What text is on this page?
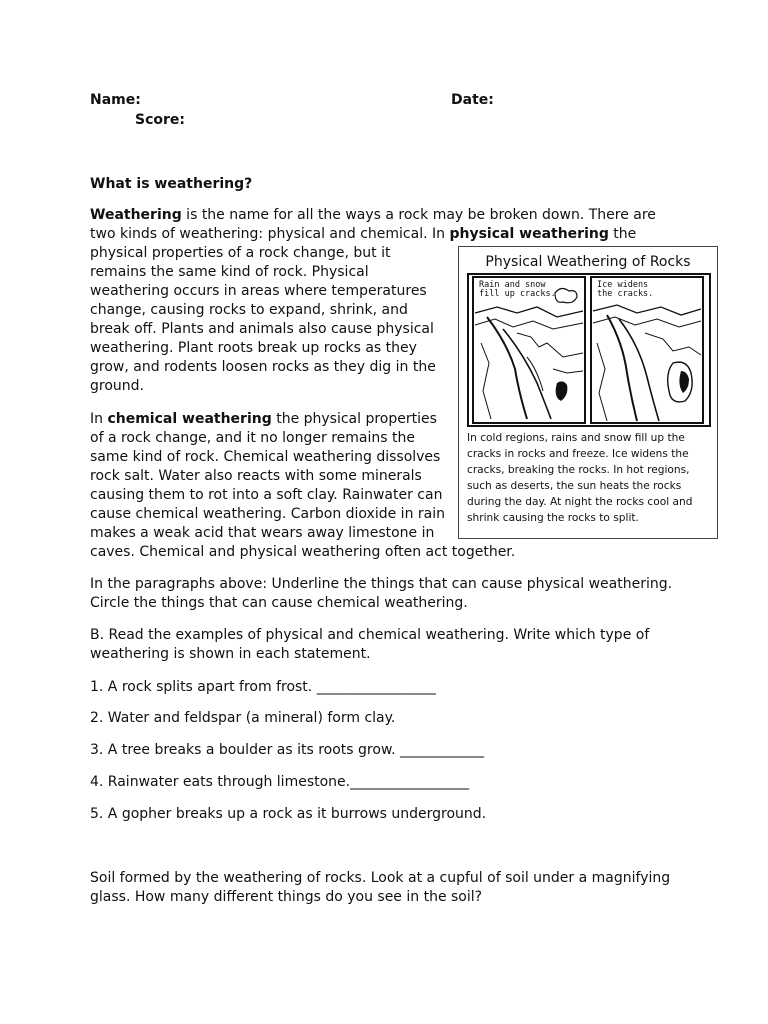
Name:	Date:
Score:
What is weathering?
Weathering is the name for all the ways a rock may be broken down. There are
two kinds of weathering: physical and chemical. In physical weathering the
physical properties of a rock change, but it
remains the same kind of rock. Physical
weathering occurs in areas where temperatures
change, causing rocks to expand, shrink, and
break off. Plants and animals also cause physical
weathering. Plant roots break up rocks as they
grow, and rodents loosen rocks as they dig in the
ground.
In chemical weathering the physical properties
of a rock change, and it no longer remains the
same kind of rock. Chemical weathering dissolves
rock salt. Water also reacts with some minerals
causing them to rot into a soft clay. Rainwater can
cause chemical weathering. Carbon dioxide in rain
makes a weak acid that wears away limestone in
caves. Chemical and physical weathering often act together.
Physical Weathering of Rocks
Rain and snow
fill up cracks.
Ice widens
the cracks.
In cold regions, rains and snow fill up the
cracks in rocks and freeze. Ice widens the
cracks, breaking the rocks. In hot regions,
such as deserts, the sun heats the rocks
during the day. At night the rocks cool and
shrink causing the rocks to split.
In the paragraphs above: Underline the things that can cause physical weathering.
Circle the things that can cause chemical weathering.
B. Read the examples of physical and chemical weathering. Write which type of
weathering is shown in each statement.
1. A rock splits apart from frost. _________________
2. Water and feldspar (a mineral) form clay.
3. A tree breaks a boulder as its roots grow. ____________
4. Rainwater eats through limestone._________________
5. A gopher breaks up a rock as it burrows underground.
Soil formed by the weathering of rocks. Look at a cupful of soil under a magnifying
glass. How many different things do you see in the soil?
